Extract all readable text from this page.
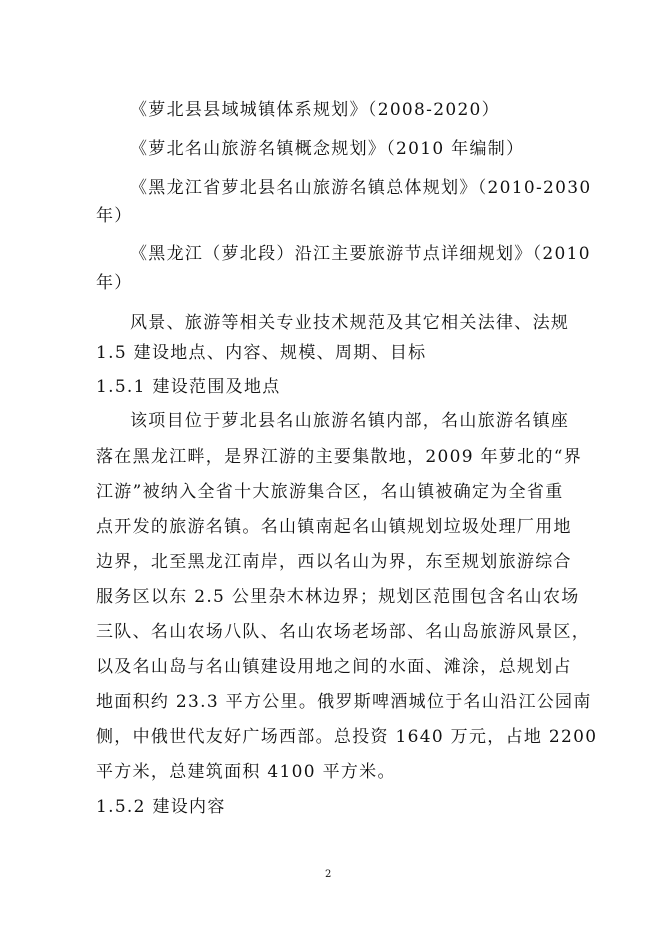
《萝北县县域城镇体系规划》（2008-2020）
《萝北名山旅游名镇概念规划》（2010 年编制）
《黑龙江省萝北县名山旅游名镇总体规划》（2010-2030
年）
《黑龙江（萝北段）沿江主要旅游节点详细规划》（2010
年）
风景、旅游等相关专业技术规范及其它相关法律、法规
1.5 建设地点、内容、规模、周期、目标
1.5.1 建设范围及地点
该项目位于萝北县名山旅游名镇内部，名山旅游名镇座
落在黑龙江畔，是界江游的主要集散地，2009 年萝北的“界
江游”被纳入全省十大旅游集合区，名山镇被确定为全省重
点开发的旅游名镇。名山镇南起名山镇规划垃圾处理厂用地
边界，北至黑龙江南岸，西以名山为界，东至规划旅游综合
服务区以东 2.5 公里杂木林边界；规划区范围包含名山农场
三队、名山农场八队、名山农场老场部、名山岛旅游风景区，
以及名山岛与名山镇建设用地之间的水面、滩涂，总规划占
地面积约 23.3 平方公里。俄罗斯啤酒城位于名山沿江公园南
侧，中俄世代友好广场西部。总投资 1640 万元，占地 2200
平方米，总建筑面积 4100 平方米。
1.5.2 建设内容
2
